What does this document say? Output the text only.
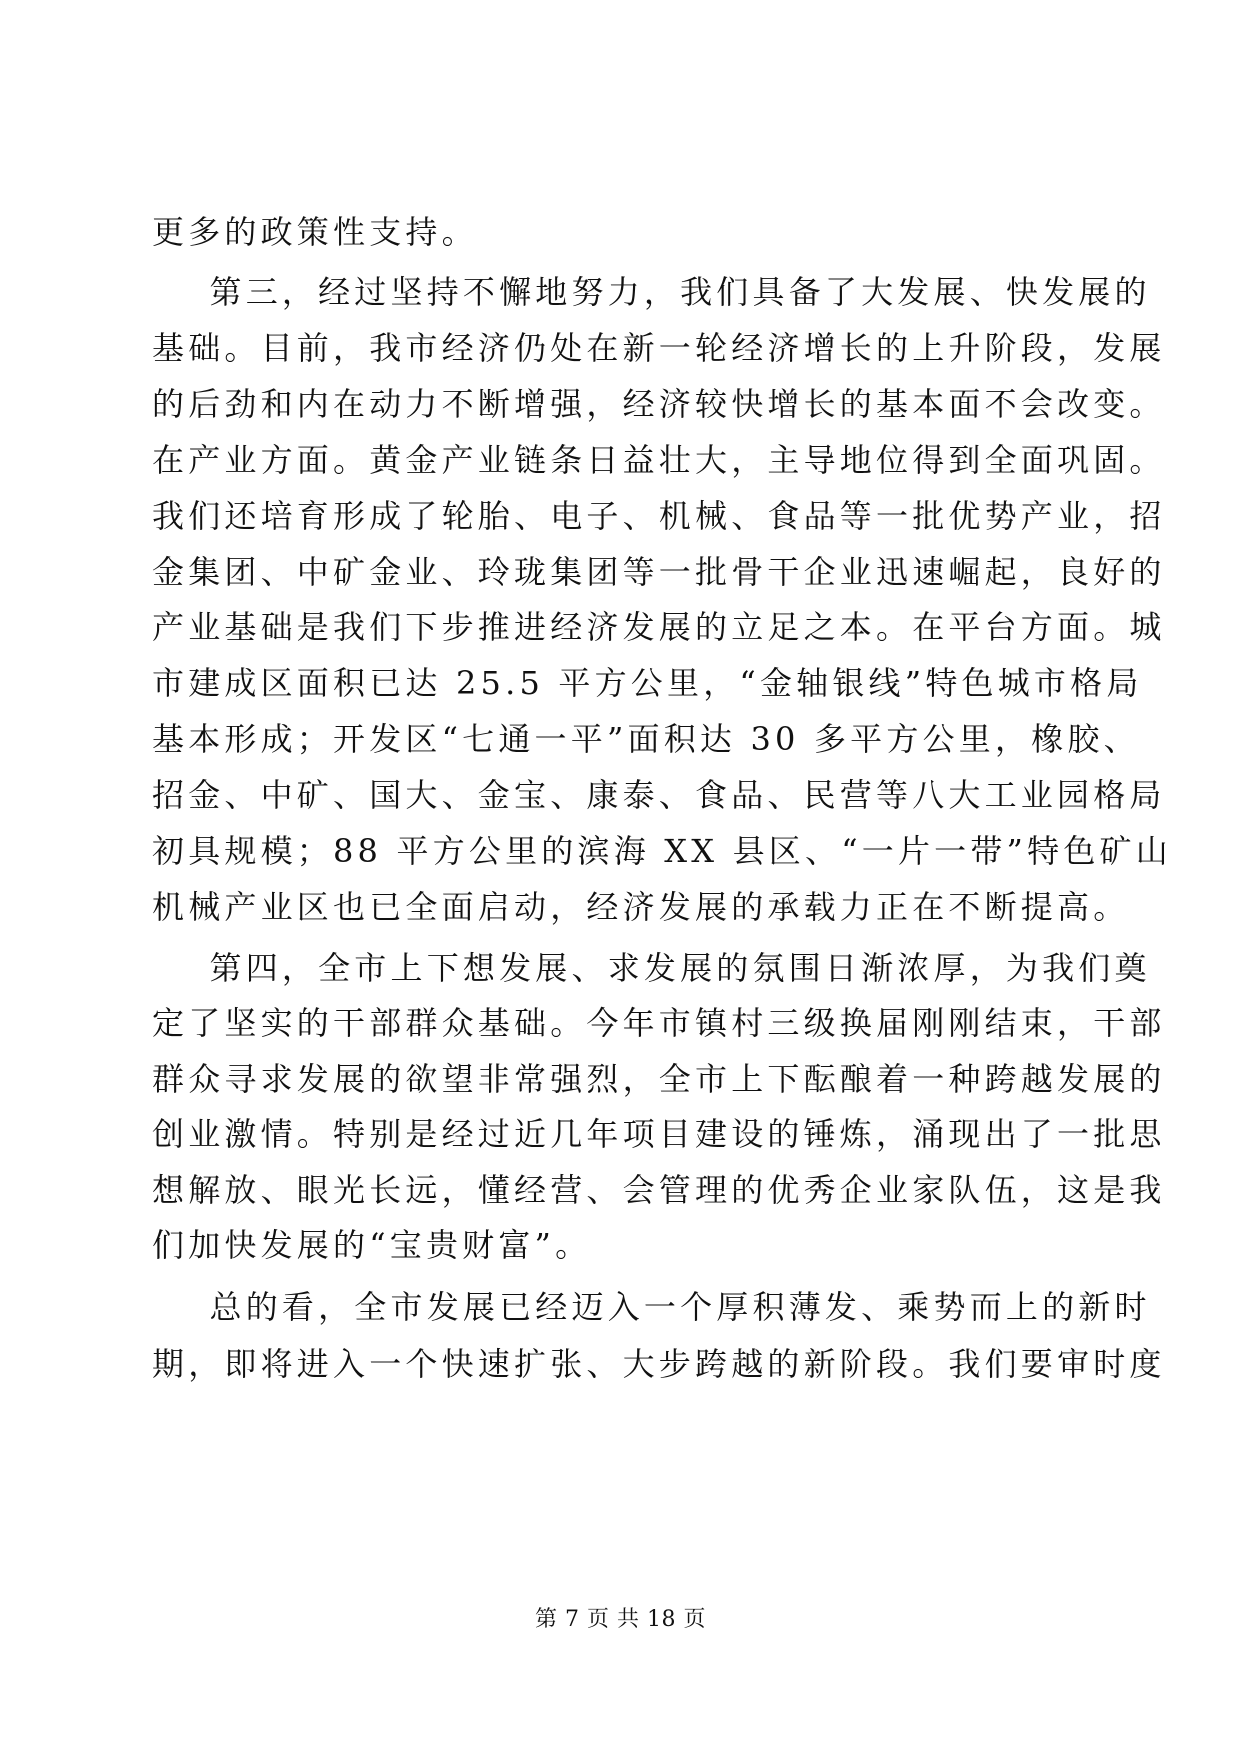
更多的政策性支持。
第三，经过坚持不懈地努力，我们具备了大发展、快发展的
基础。目前，我市经济仍处在新一轮经济增长的上升阶段，发展
的后劲和内在动力不断增强，经济较快增长的基本面不会改变。
在产业方面。黄金产业链条日益壮大，主导地位得到全面巩固。
我们还培育形成了轮胎、电子、机械、食品等一批优势产业，招
金集团、中矿金业、玲珑集团等一批骨干企业迅速崛起，良好的
产业基础是我们下步推进经济发展的立足之本。在平台方面。城
市建成区面积已达 25.5 平方公里，“金轴银线”特色城市格局
基本形成；开发区“七通一平”面积达 30 多平方公里，橡胶、
招金、中矿、国大、金宝、康泰、食品、民营等八大工业园格局
初具规模；88 平方公里的滨海 XX 县区、“一片一带”特色矿山
机械产业区也已全面启动，经济发展的承载力正在不断提高。
第四，全市上下想发展、求发展的氛围日渐浓厚，为我们奠
定了坚实的干部群众基础。今年市镇村三级换届刚刚结束，干部
群众寻求发展的欲望非常强烈，全市上下酝酿着一种跨越发展的
创业激情。特别是经过近几年项目建设的锤炼，涌现出了一批思
想解放、眼光长远，懂经营、会管理的优秀企业家队伍，这是我
们加快发展的“宝贵财富”。
总的看，全市发展已经迈入一个厚积薄发、乘势而上的新时
期，即将进入一个快速扩张、大步跨越的新阶段。我们要审时度
第 7 页 共 18 页
